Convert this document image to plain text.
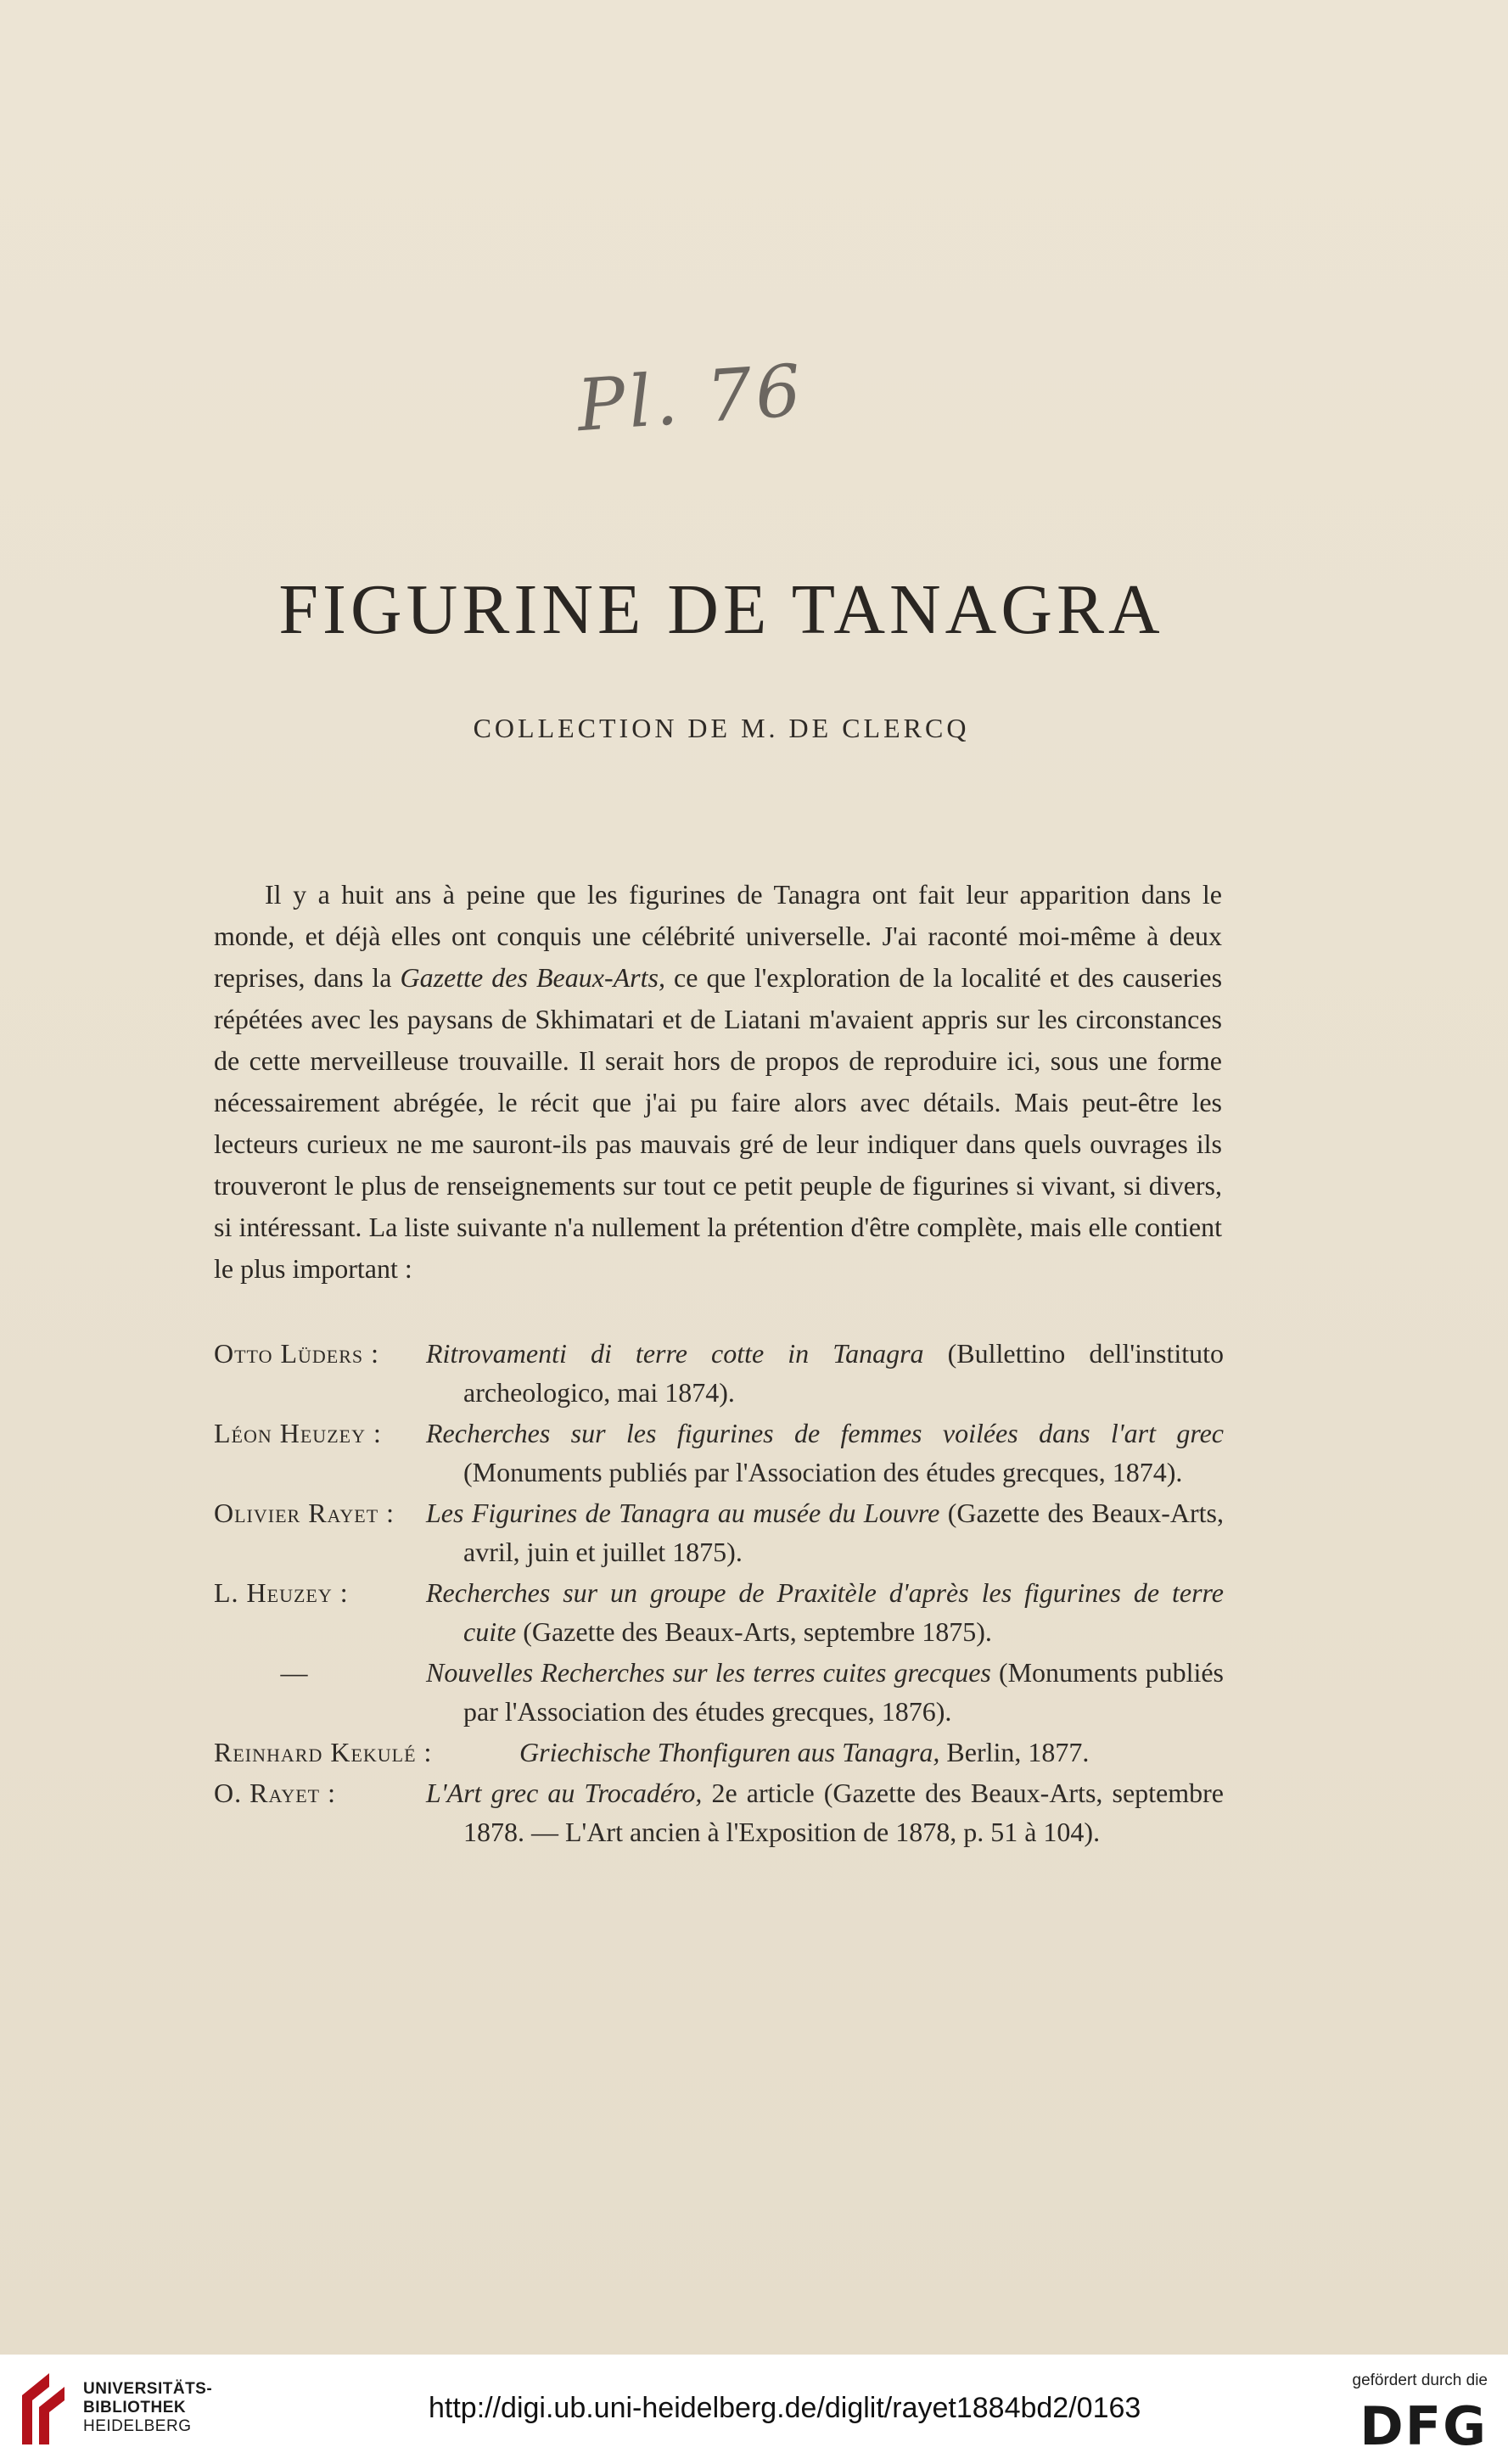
Pl. 76
FIGURINE DE TANAGRA
COLLECTION DE M. DE CLERCQ

Il y a huit ans à peine que les figurines de Tanagra ont fait leur apparition dans le monde, et déjà elles ont conquis une célébrité universelle. J'ai raconté moi-même à deux reprises, dans la Gazette des Beaux-Arts, ce que l'exploration de la localité et des causeries répétées avec les paysans de Skhimatari et de Liatani m'avaient appris sur les circonstances de cette merveilleuse trouvaille. Il serait hors de propos de reproduire ici, sous une forme nécessairement abrégée, le récit que j'ai pu faire alors avec détails. Mais peut-être les lecteurs curieux ne me sauront-ils pas mauvais gré de leur indiquer dans quels ouvrages ils trouveront le plus de renseignements sur tout ce petit peuple de figurines si vivant, si divers, si intéressant. La liste suivante n'a nullement la prétention d'être complète, mais elle contient le plus important :

Otto Lüders :	Ritrovamenti di terre cotte in Tanagra (Bullettino dell'instituto archeologico, mai 1874).
Léon Heuzey :	Recherches sur les figurines de femmes voilées dans l'art grec (Monuments publiés par l'Association des études grecques, 1874).
Olivier Rayet :	Les Figurines de Tanagra au musée du Louvre (Gazette des Beaux-Arts, avril, juin et juillet 1875).
L. Heuzey :	Recherches sur un groupe de Praxitèle d'après les figurines de terre cuite (Gazette des Beaux-Arts, septembre 1875).
—	Nouvelles Recherches sur les terres cuites grecques (Monuments publiés par l'Association des études grecques, 1876).
Reinhard Kekulé :	Griechische Thonfiguren aus Tanagra, Berlin, 1877.
O. Rayet :	L'Art grec au Trocadéro, 2e article (Gazette des Beaux-Arts, septembre 1878. — L'Art ancien à l'Exposition de 1878, p. 51 à 104).
UNIVERSITÄTS-
BIBLIOTHEK
HEIDELBERG
http://digi.ub.uni-heidelberg.de/diglit/rayet1884bd2/0163
gefördert durch die
DFG
